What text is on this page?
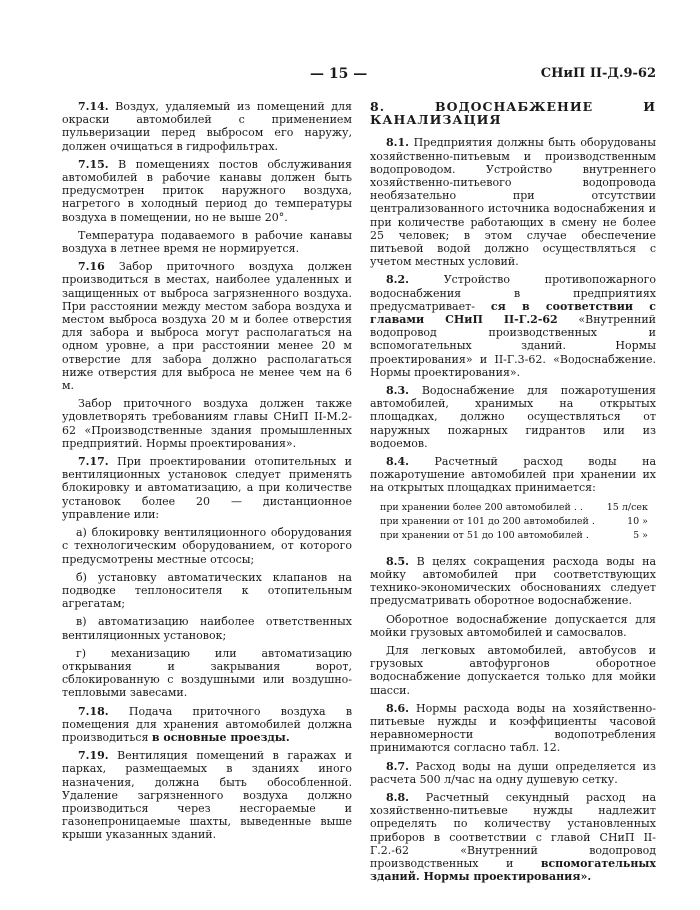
— 15 —	СНиП II-Д.9-62

7.14. Воздух, удаляемый из помещений для окраски автомобилей с применением пульверизации перед выбросом его наружу, должен очищаться в гидрофильтрах.

7.15. В помещениях постов обслуживания автомобилей в рабочие канавы должен быть предусмотрен приток наружного воздуха, нагретого в холодный период до температуры воздуха в помещении, но не выше 20°.

Температура подаваемого в рабочие канавы воздуха в летнее время не нормируется.

7.16 Забор приточного воздуха должен производиться в местах, наиболее удаленных и защищенных от выброса загрязненного воздуха. При расстоянии между местом забора воздуха и местом выброса воздуха 20 м и более отверстия для забора и выброса могут располагаться на одном уровне, а при расстоянии менее 20 м отверстие для забора должно располагаться ниже отверстия для выброса не менее чем на 6 м.

Забор приточного воздуха должен также удовлетворять требованиям главы СНиП II-М.2-62 «Производственные здания промышленных предприятий. Нормы проектирования».

7.17. При проектировании отопительных и вентиляционных установок следует применять блокировку и автоматизацию, а при количестве установок более 20 — дистанционное управление или:

а) блокировку вентиляционного оборудования с технологическим оборудованием, от которого предусмотрены местные отсосы;

б) установку автоматических клапанов на подводке теплоносителя к отопительным агрегатам;

в) автоматизацию наиболее ответственных вентиляционных установок;

г) механизацию или автоматизацию открывания и закрывания ворот, сблокированную с воздушными или воздушно-тепловыми завесами.

7.18. Подача приточного воздуха в помещения для хранения автомобилей должна производиться в основные проезды.

7.19. Вентиляция помещений в гаражах и парках, размещаемых в зданиях иного назначения, должна быть обособленной. Удаление загрязненного воздуха должно производиться через несгораемые и газонепроницаемые шахты, выведенные выше крыши указанных зданий.

8. ВОДОСНАБЖЕНИЕ И КАНАЛИЗАЦИЯ

8.1. Предприятия должны быть оборудованы хозяйственно-питьевым и производственным водопроводом. Устройство внутреннего хозяйственно-питьевого водопровода необязательно при отсутствии централизованного источника водоснабжения и при количестве работающих в смену не более 25 человек; в этом случае обеспечение питьевой водой должно осуществляться с учетом местных условий.

8.2.	Устройство противопожарного водоснабжения в предприятиях предусматривает- ся в соответствии с главами СНиП II-Г.2-62 «Внутренний водопровод производственных и вспомогательных зданий. Нормы проектирования» и II-Г.3-62. «Водоснабжение. Нормы проектирования».

8.3. Водоснабжение для пожаротушения автомобилей, хранимых на открытых площадках, должно осуществляться от наружных пожарных гидрантов или из водоемов.

8.4. Расчетный расход воды на пожаротушение автомобилей при хранении их на открытых площадках принимается:

при хранении более 200 автомобилей . .	15 л/сек
при хранении от 101 до 200 автомобилей .	10 »
при хранении от 51 до 100 автомобилей .	5 »

8.5. В целях сокращения расхода воды на мойку автомобилей при соответствующих технико-экономических обоснованиях следует предусматривать оборотное водоснабжение.

Оборотное водоснабжение допускается для мойки грузовых автомобилей и самосвалов.

Для легковых автомобилей, автобусов и грузовых автофургонов оборотное водоснабжение допускается только для мойки шасси.

8.6. Нормы расхода воды на хозяйственно-питьевые нужды и коэффициенты часовой неравномерности водопотребления принимаются согласно табл. 12.

8.7. Расход воды на души определяется из расчета 500 л/час на одну душевую сетку.

8.8. Расчетный секундный расход на хозяйственно-питьевые нужды надлежит определять по количеству установленных приборов в соответствии с главой СНиП II-Г.2.-62 «Внутренний водопровод производственных и	вспомогательных зданий. Нормы проектирования».
